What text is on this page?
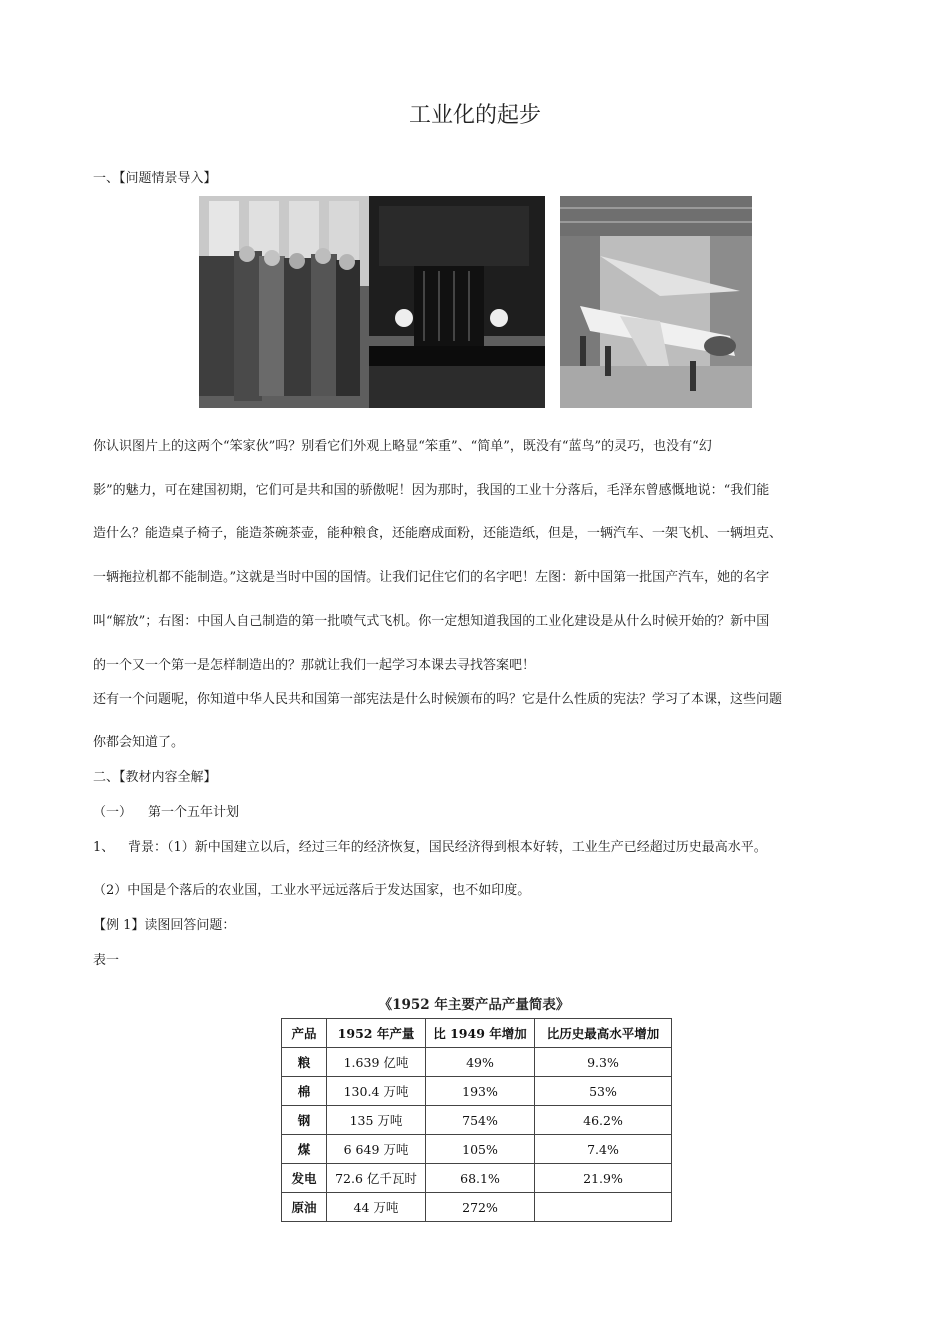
工业化的起步
一、【问题情景导入】
你认识图片上的这两个“笨家伙”吗？别看它们外观上略显“笨重”、“简单”，既没有“蓝鸟”的灵巧，也没有“幻
影”的魅力，可在建国初期，它们可是共和国的骄傲呢！因为那时，我国的工业十分落后，毛泽东曾感慨地说：“我们能
造什么？能造桌子椅子，能造茶碗茶壶，能种粮食，还能磨成面粉，还能造纸，但是，一辆汽车、一架飞机、一辆坦克、
一辆拖拉机都不能制造。”这就是当时中国的国情。让我们记住它们的名字吧！左图：新中国第一批国产汽车，她的名字
叫“解放”；右图：中国人自己制造的第一批喷气式飞机。你一定想知道我国的工业化建设是从什么时候开始的？新中国
的一个又一个第一是怎样制造出的？那就让我们一起学习本课去寻找答案吧！
还有一个问题呢，你知道中华人民共和国第一部宪法是什么时候颁布的吗？它是什么性质的宪法？学习了本课，这些问题
你都会知道了。
二、【教材内容全解】
（一） 第一个五年计划
1、 背景：（1）新中国建立以后，经过三年的经济恢复，国民经济得到根本好转，工业生产已经超过历史最高水平。
（2）中国是个落后的农业国，工业水平远远落后于发达国家，也不如印度。
【例 1】读图回答问题：
表一
《1952 年主要产品产量简表》
产品	1952 年产量	比 1949 年增加	比历史最高水平增加
粮	1.639 亿吨	49%	9.3%
棉	130.4 万吨	193%	53%
钢	135 万吨	754%	46.2%
煤	6 649 万吨	105%	7.4%
发电	72.6 亿千瓦时	68.1%	21.9%
原油	44 万吨	272%	
